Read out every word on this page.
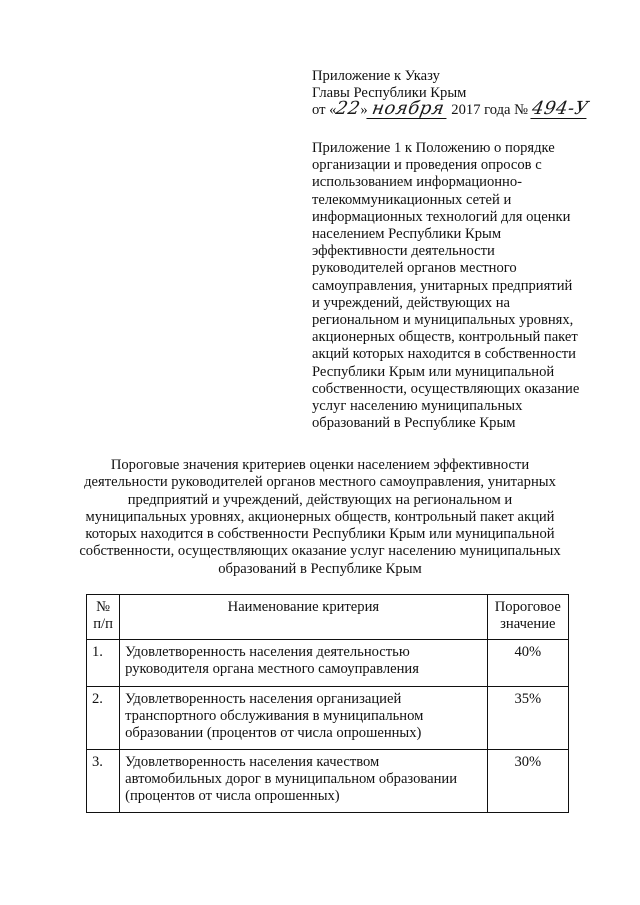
Приложение к Указу
Главы Республики Крым
от «22» ноября 2017 года № 494-У

Приложение 1 к Положению о порядке

организации и проведения опросов с

использованием информационно-

телекоммуникационных сетей и

информационных технологий для оценки

населением Республики Крым

эффективности деятельности

руководителей органов местного

самоуправления, унитарных предприятий

и учреждений, действующих на

региональном и муниципальных уровнях,

акционерных обществ, контрольный пакет

акций которых находится в собственности

Республики Крым или муниципальной

собственности, осуществляющих оказание

услуг населению муниципальных

образований в Республике Крым

Пороговые значения критериев оценки населением эффективности
деятельности руководителей органов местного самоуправления, унитарных
предприятий и учреждений, действующих на региональном и
муниципальных уровнях, акционерных обществ, контрольный пакет акций
которых находится в собственности Республики Крым или муниципальной
собственности, осуществляющих оказание услуг населению муниципальных
образований в Республике Крым
№
п/п	Наименование критерия	Пороговое
значение

1.	Удовлетворенность населения деятельностью
руководителя органа местного самоуправления	40%
2.	Удовлетворенность населения организацией
транспортного обслуживания в муниципальном
образовании (процентов от числа опрошенных)	35%
3.	Удовлетворенность населения качеством
автомобильных дорог в муниципальном образовании
(процентов от числа опрошенных)	30%
